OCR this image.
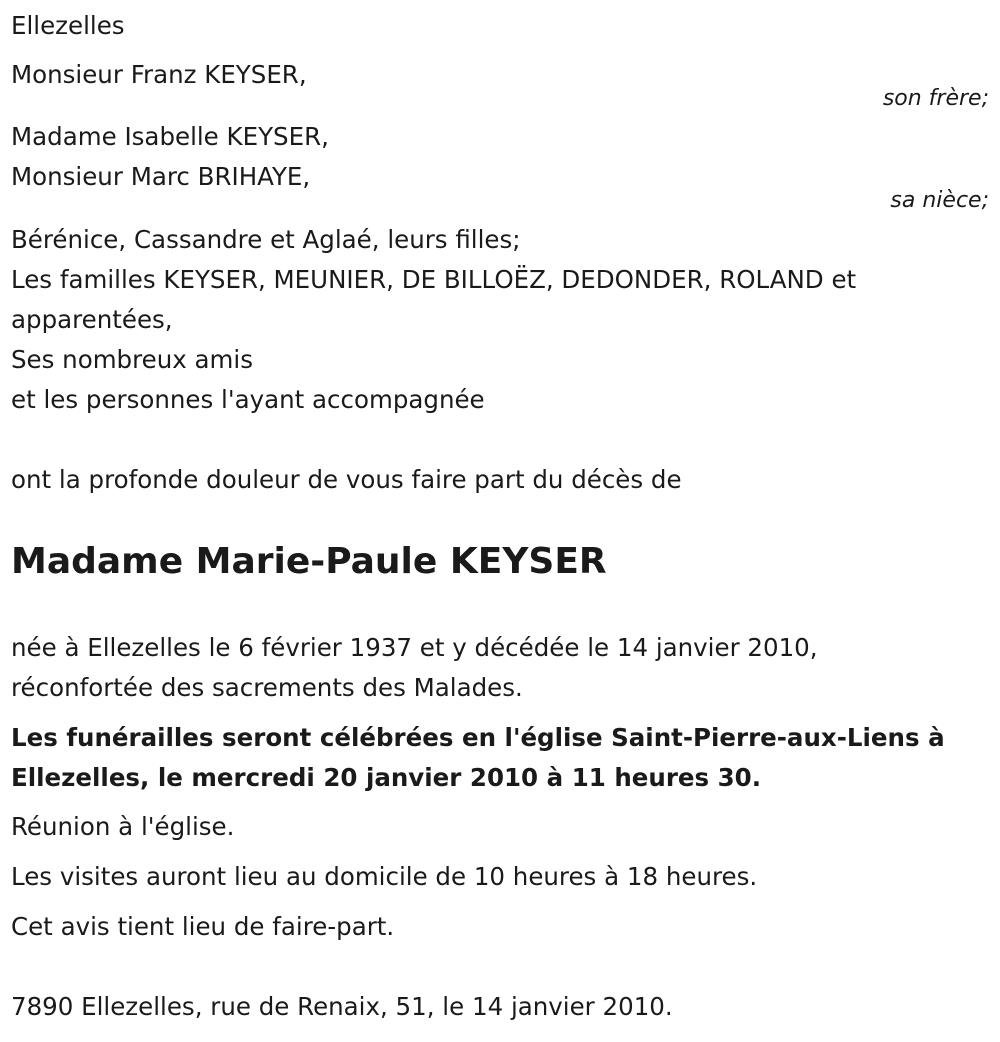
Ellezelles
Monsieur Franz KEYSER,
son frère;
Madame Isabelle KEYSER,
Monsieur Marc BRIHAYE,
sa nièce;
Bérénice, Cassandre et Aglaé, leurs filles;
Les familles KEYSER, MEUNIER, DE BILLOËZ, DEDONDER, ROLAND et apparentées,
Ses nombreux amis
et les personnes l'ayant accompagnée
ont la profonde douleur de vous faire part du décès de
Madame Marie-Paule KEYSER
née à Ellezelles le 6 février 1937 et y décédée le 14 janvier 2010,
réconfortée des sacrements des Malades.
Les funérailles seront célébrées en l'église Saint-Pierre-aux-Liens à Ellezelles, le mercredi 20 janvier 2010 à 11 heures 30.
Réunion à l'église.
Les visites auront lieu au domicile de 10 heures à 18 heures.
Cet avis tient lieu de faire-part.
7890 Ellezelles, rue de Renaix, 51, le 14 janvier 2010.
